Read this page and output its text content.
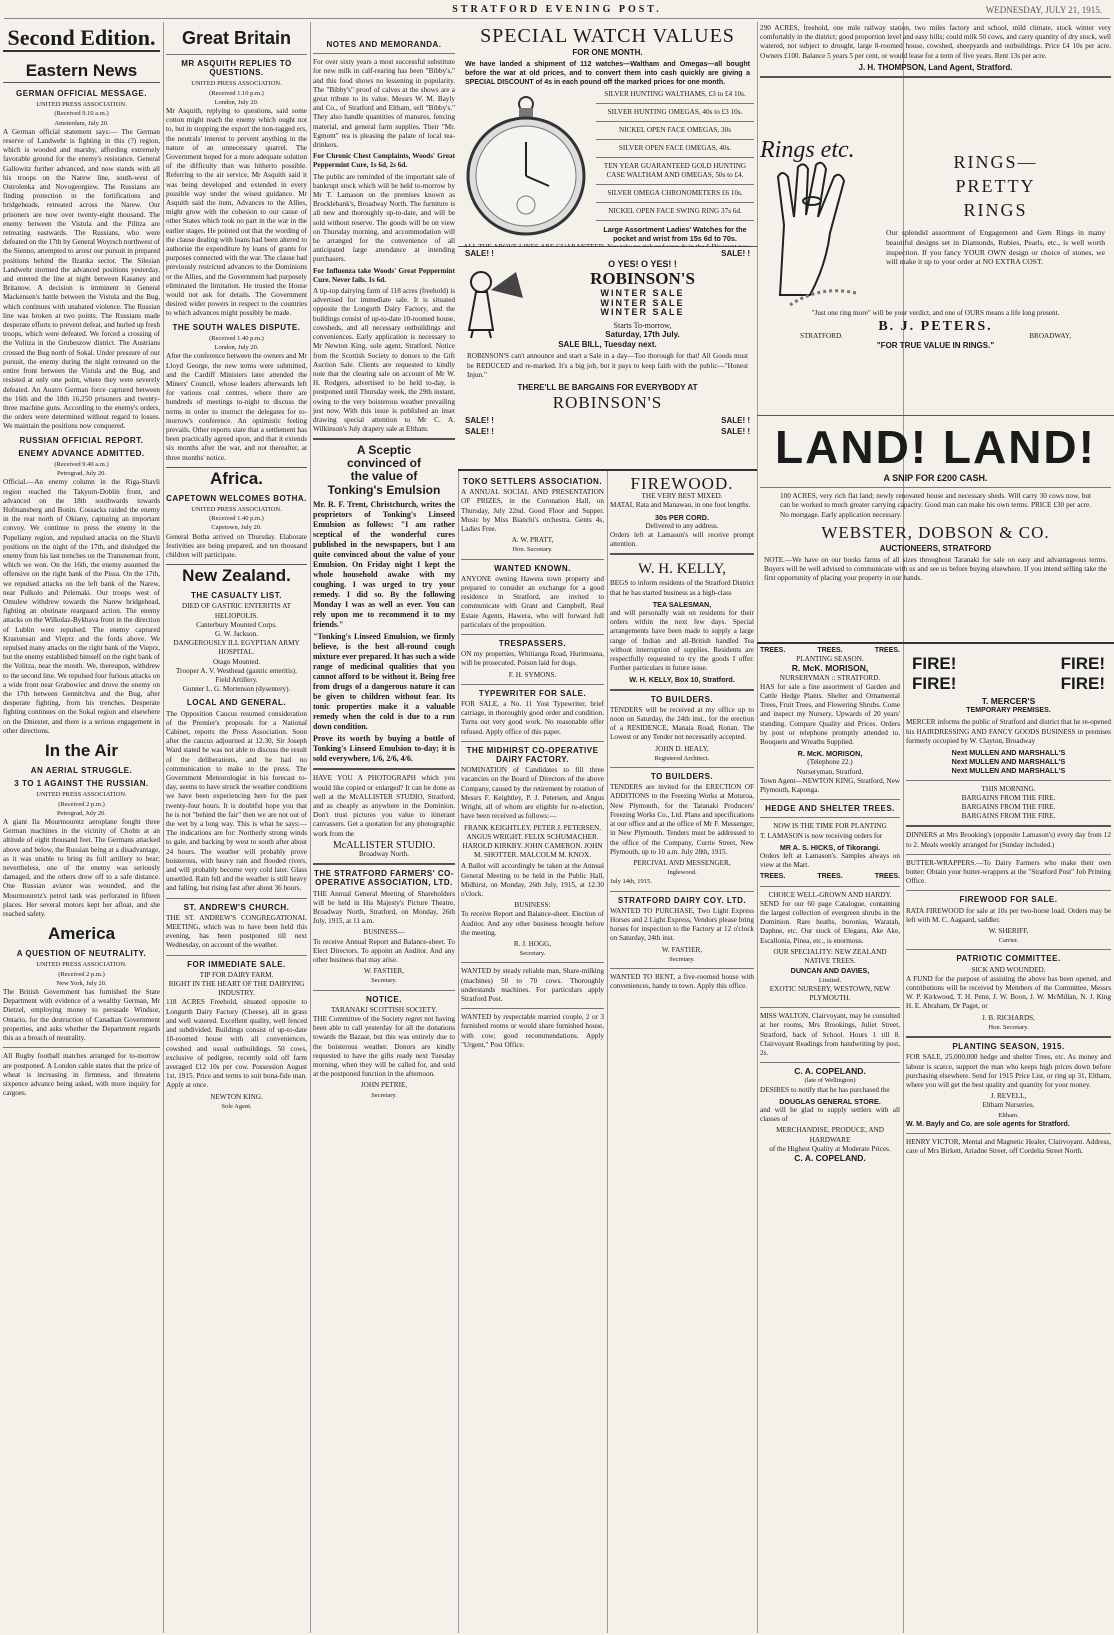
STRATFORD EVENING POST.	WEDNESDAY, JULY 21, 1915.
Second Edition.
Eastern News
GERMAN OFFICIAL MESSAGE.
UNITED PRESS ASSOCIATION.
(Received 9.10 a.m.)
Amsterdam, July 20.

A German official statement says:— The German reserve of Landwehr is fighting in this (?) region, which is wooded and marshy, affording extremely favorable ground for the enemy's resistance. General Gallowitz further advanced, and now stands with all his troops on the Narew line, south-west of Ostrolenka and Novogeorgiew. The Russians are finding protection in the fortifications and bridgeheads, retreated across the Narew. Our prisoners are now over twenty-eight thousand. The enemy between the Vistula and the Pilitza are retreating eastwards. The Russians, who were defeated on the 17th by General Woyrsch northwest of the Sienno, attempted to arrest our pursuit in prepared positions behind the Ilzanka sector. The Silesian Landwehr stormed the advanced positions yesterday, and entered the line at night between Kasaney and Britanow. A decision is imminent in General Mackensen's battle between the Vistula and the Bug, which continues with unabated violence. The Russian line was broken at two points. The Russians made desperate efforts to prevent defeat, and hurled up fresh troops, which were defeated. We forced a crossing of the Volitza in the Grubeszow district. The Austrians crossed the Bug north of Sokal. Under pressure of our pursuit, the enemy during the night retreated on the entire front between the Vistula and the Bug, and resisted at only one point, where they were severely defeated. An Austro German force captured between the 16th and the 18th 16,250 prisoners and twenty-three machine guns. According to the enemy's orders, the orders were determined without regard to losses. We maintain the positions now conquered.

RUSSIAN OFFICIAL REPORT.
ENEMY ADVANCE ADMITTED.
(Received 9.40 a.m.)
Petrograd, July 20.

Official.—An enemy column in the Riga-Shavli region reached the Takyurn-Doblin front, and advanced on the 18th southwards towards Hofmansberg and Bonin. Cossacks raided the enemy in the rear north of Okiany, capturing an important convoy. We continue to press the enemy in the Popeliany region, and repulsed attacks on the Shavli positions on the night of the 17th, and dislodged the enemy from his last trenches on the Transneman front, which we won. On the 16th, the enemy assumed the offensive on the right bank of the Pissa. On the 17th, we repulsed attacks on the left bank of the Narew, near Pulkolo and Pelemaki. Our troops west of Omulew withdrew towards the Narew bridgehead, fighting an obstinate rearguard action. The enemy attacks on the Wilkolaz-Bykhava front in the direction of Lublin were repulsed. The enemy captured Krastonsan and Vieprz and the fords above. We repulsed many attacks on the right bank of the Vieprz, but the enemy established himself on the right bank of the Volitza, near the mouth. We, thereupon, withdrew to the second line. We repulsed four furious attacks on a wide front near Grabowiec and drove the enemy on the 17th between Gennitchva and the Bug, after desperate fighting, from his trenches. Desperate fighting continues on the Sokal region and elsewhere on the Dniester, and there is a serious engagement in other directions.

In the Air
AN AERIAL STRUGGLE.
3 TO 1 AGAINST THE RUSSIAN.
UNITED PRESS ASSOCIATION.
(Received 2 p.m.)
Petrograd, July 20.

A giant Ila Mourmouretz aeroplane fought three German machines in the vicinity of Cholm at an altitude of eight thousand feet. The Germans attacked above and below, the Russian being at a disadvantage, as it was unable to bring its full artillery to bear; nevertheless, one of the enemy was seriously damaged, and the others drew off to a safe distance. One Russian aviator was wounded, and the Mourmouretz's petrol tank was perforated in fifteen places. Her several motors kept her afloat, and she reached safety.

America
A QUESTION OF NEUTRALITY.
UNITED PRESS ASSOCIATION.
(Received 2 p.m.)
New York, July 20.

The British Government has furnished the State Department with evidence of a wealthy German, Mr Dietzel, employing money to persuade Windsor, Ontario, for the destruction of Canadian Government properties, and asks whether the Department regards this as a breach of neutrality.

All Rugby football matches arranged for to-morrow are postponed. A London cable states that the price of wheat is increasing in firmness, and threatens sixpence advance being asked, with more inquiry for cargoes.

Great Britain
MR ASQUITH REPLIES TO QUESTIONS.
UNITED PRESS ASSOCIATION.
(Received 1.10 p.m.)
London, July 20.

Mr Asquith, replying to questions, said some cotton might reach the enemy which ought not to, but in stopping the export the non-ragged ers, the neutrals' interest to prevent anything in the nature of an unnecessary quarrel. The Government hoped for a more adequate solution of the difficulty than was hitherto possible. Referring to the air service, Mr Asquith said it was being developed and extended in every possible way under the wisest guidance. Mr Asquith said the item, Advances to the Allies, might grow with the cohesion to our cause of other States which took no part in the war in the earlier stages. He pointed out that the wording of the clause dealing with loans had been altered to authorise the expenditure by loans of grants for purposes connected with the war. The clause had previously restricted advances to the Dominions or the Allies, and the Government had purposely eliminated the limitation. He trusted the House would not ask for details. The Government desired wider powers in respect to the countries to which advances might possibly be made.

THE SOUTH WALES DISPUTE.
(Received 1.40 p.m.)
London, July 20.

After the conference between the owners and Mr Lloyd George, the new terms were submitted, and the Cardiff Ministers later attended the Miners' Council, whose leaders afterwards left for various coal centres, where there are hundreds of meetings to-night to discuss the terms in order to instruct the delegates for to-morrow's conference. An optimistic feeling prevails. Other reports state that a settlement has been practically agreed upon, and that it extends six months after the war, and not thereafter, at three months' notice.

Africa.
CAPETOWN WELCOMES BOTHA.
UNITED PRESS ASSOCIATION.
(Received 1.40 p.m.)
Capetown, July 20.

General Botha arrived on Thursday. Elaborate festivities are being prepared, and ten thousand children will participate.

New Zealand.
THE CASUALTY LIST.
DIED OF GASTRIC ENTERITIS AT HELIOPOLIS.
Canterbury Mounted Corps.
G. W. Jackson.
DANGEROUSLY ILL EGYPTIAN ARMY HOSPITAL.
Otago Mounted.
Trooper A. V. Westhead (gastric enteritis).
Field Artillery.
Gunner L. G. Mortenson (dysentery).
LOCAL AND GENERAL.

The Opposition Caucus resumed consideration of the Premier's proposals for a National Cabinet, reports the Press Association. Soon after the caucus adjourned at 12.30, Sir Joseph Ward stated he was not able to discuss the result of the deliberations, and he had no communication to make to the press. The Government Meteorologist in his forecast to-day, seems to have struck the weather conditions we have been experiencing here for the past twenty-four hours. It is doubtful hope you that he is not "behind the fair" then we are not out of the wet by a long way. This is what he says:—The indications are for: Northerly strong winds to gale, and backing by west to south after about 24 hours. The weather will probably prove boisterous, with heavy rain and flooded rivers, and will probably become very cold later. Glass unsettled. Rain fell and the weather is still heavy and falling, but rising fast after about 36 hours.

ST. ANDREW'S CHURCH.

THE ST. ANDREW'S CONGREGATIONAL MEETING, which was to have been held this evening, has been postponed till next Wednesday, on account of the weather.

FOR IMMEDIATE SALE.
TIP FOR DAIRY FARM.
RIGHT IN THE HEART OF THE DAIRYING INDUSTRY.

118 ACRES Freehold, situated opposite to Longurth Dairy Factory (Cheese), all in grass and well watered. Excellent quality, well fenced and subdivided. Buildings consist of up-to-date 10-roomed house with all conveniences, cowshed and usual outbuildings. 50 cows, exclusive of pedigree, recently sold off farm averaged £12 10s per cow. Possession August 1st, 1915. Price and terms to suit bona-fide man. Apply at once.

NEWTON KING.
Sole Agent.
NOTES AND MEMORANDA.

For over sixty years a most successful substitute for new milk in calf-rearing has been "Bibby's," and this food shows no lessening in popularity. The "Bibby's" proof of calves at the shows are a great tribute to its value. Messrs W. M. Bayly and Co., of Stratford and Eltham, sell "Bibby's." They also handle quantities of manures, fencing material, and general farm supplies. Their "Mr. Egmont" tea is pleasing the palate of local tea-drinkers.

For Chronic Chest Complaints, Woods' Great Peppermint Cure, 1s 6d, 2s 6d.

The public are reminded of the important sale of bankrupt stock which will be held to-morrow by Mr T. Lamason on the premises known as Brocklebank's, Broadway North. The furniture is all new and thoroughly up-to-date, and will be sold without reserve. The goods will be on view on Thursday morning, and accommodation will be arranged for the convenience of all anticipated large attendance at intending purchasers.

For Influenza take Woods' Great Peppermint Cure. Never fails. 1s 6d.

A tip-top dairying farm of 118 acres (freehold) is advertised for immediate sale. It is situated opposite the Longurth Dairy Factory, and the buildings consist of up-to-date 10-roomed house, cowsheds, and all necessary outbuildings and conveniences. Early application is necessary to Mr Newton King, sole agent, Stratford. Notice from the Scottish Society to donors to the Gift Auction Sale. Clients are requested to kindly note that the clearing sale on account of Mr W. H. Rodgers, advertised to be held to-day, is postponed until Thursday week, the 29th instant, owing to the very boisterous weather prevailing just now. With this issue is published an inset drawing special attention to Mr C. A. Wilkinson's July drapery sale at Eltham.

A Sceptic
convinced of
the value of
Tonking's Emulsion

Mr. R. F. Trent, Christchurch, writes the proprietors of Tonking's Linseed Emulsion as follows: "I am rather sceptical of the wonderful cures published in the newspapers, but I am quite convinced about the value of your Emulsion. On Friday night I kept the whole household awake with my coughing. I was urged to try your remedy. I did so. By the following Monday I was as well as ever. You can rely upon me to recommend it to my friends."

"Tonking's Linseed Emulsion, we firmly believe, is the best all-round cough mixture ever prepared. It has such a wide range of medicinal qualities that you cannot afford to be without it. Being free from drugs of a dangerous nature it can be given to children without fear. Its tonic properties make it a valuable remedy when the cold is due to a run down condition.

Prove its worth by buying a bottle of Tonking's Linseed Emulsion to-day; it is sold everywhere, 1/6, 2/6, 4/6.

HAVE YOU A PHOTOGRAPH which you would like copied or enlarged? It can be done as well at the McALLISTER STUDIO, Stratford, and as cheaply as anywhere in the Dominion. Don't trust pictures you value to itinerant canvassers. Get a quotation for any photographic work from the

McALLISTER STUDIO.
Broadway North.
THE STRATFORD FARMERS' CO-OPERATIVE ASSOCIATION, LTD.

THE Annual General Meeting of Shareholders will be held in His Majesty's Picture Theatre, Broadway North, Stratford, on Monday, 26th July, 1915, at 11 a.m.

BUSINESS—

To receive Annual Report and Balance-sheet. To Elect Directors. To appoint an Auditor. And any other business that may arise.

W. FASTIER,
Secretary.
NOTICE.
TARANAKI SCOTTISH SOCIETY.

THE Committee of the Society regret not having been able to call yesterday for all the donations towards the Bazaar, but this was entirely due to the boisterous weather. Donors are kindly requested to have the gifts ready next Tuesday morning, when they will be called for, and sold at the postponed function in the afternoon.

JOHN PETRIE,
Secretary.
SPECIAL WATCH VALUES
FOR ONE MONTH.

We have landed a shipment of 112 watches—Waltham and Omegas—all bought before the war at old prices, and to convert them into cash quickly are giving a SPECIAL DISCOUNT of 4s in each pound off the marked prices for one month.

SILVER HUNTING WALTHAMS, £3 to £4 10s.
SILVER HUNTING OMEGAS, 40s to £3 10s.
NICKEL OPEN FACE OMEGAS, 30s
SILVER OPEN FACE OMEGAS, 40s.
TEN YEAR GUARANTEED GOLD HUNTING CASE WALTHAM AND OMEGAS, 50s to £4.
SILVER OMEGA CHRONOMETERS £6 10s.
NICKEL OPEN FACE SWING RING 37s 6d.
Large Assortment Ladies' Watches for the pocket and wrist from 15s 6d to 70s.
SALE! !	SALE! !
O YES! O YES! !
ROBINSON'S
WINTER SALE
WINTER SALE
WINTER SALE
Starts To-morrow,
Saturday, 17th July.
SALE BILL, Tuesday next.

ROBINSON'S can't announce and start a Sale in a day—Too thorough for that! All Goods must be REDUCED and re-marked. It's a big job, but it pays to keep faith with the public—"Honest Injun."

THERE'LL BE BARGAINS FOR EVERYBODY AT
ROBINSON'S
SALE! !	SALE! !
SALE! !	SALE! !
TOKO SETTLERS ASSOCIATION.

A ANNUAL SOCIAL AND PRESENTATION OF PRIZES, in the Coronation Hall, on Thursday, July 22nd. Good Floor and Supper. Music by Miss Bianchi's orchestra. Gents 4s, Ladies Free.

A. W. PRATT,
Hon. Secretary.
WANTED KNOWN.

ANYONE owning Hawera town property and prepared to consider an exchange for a good residence in Stratford, are invited to communicate with Grant and Campbell, Real Estate Agents, Hawera, who will forward full particulars of the proposition.

TRESPASSERS.

ON my properties, Whitianga Road, Hurimoana, will be prosecuted. Poison laid for dogs.

F. H. SYMONS.
TYPEWRITER FOR SALE.

FOR SALE, a No. 11 Yost Typewriter, brief carriage, in thoroughly good order and condition. Turns out very good work. No reasonable offer refused. Apply office of this paper.

THE MIDHIRST CO-OPERATIVE DAIRY FACTORY.

NOMINATION of Candidates to fill three vacancies on the Board of Directors of the above Company, caused by the retirement by rotation of Messrs F. Keightley, P. J. Petersen, and Angus Wright, all of whom are eligible for re-election, have been received as follows:—

FRANK KEIGHTLEY. PETER J. PETERSEN. ANGUS WRIGHT. FELIX SCHUMACHER. HAROLD KIRKBY. JOHN CAMERON. JOHN M. SHOTTER. MALCOLM M. KNOX.

A Ballot will accordingly be taken at the Annual General Meeting to be held in the Public Hall, Midhirst, on Monday, 26th July, 1915, at 12.30 o'clock.

BUSINESS:

To receive Report and Balance-sheet. Election of Auditor. And any other business brought before the meeting.

R. J. HOGG,
Secretary.

WANTED by steady reliable man, Share-milking (machines) 50 to 70 cows. Thoroughly understands machines. For particulars apply Stratford Post.

WANTED by respectable married couple, 2 or 3 furnished rooms or would share furnished house, with cow; good recommendations. Apply "Urgent," Post Office.

FIREWOOD.
THE VERY BEST MIXED.

MATAI, Rata and Manawau, in one foot lengths.

30s PER CORD.
Delivered to any address.

Orders left at Lamason's will receive prompt attention.

W. H. KELLY,

BEGS to inform residents of the Stratford District that he has started business as a high-class

TEA SALESMAN,

and will personally wait on residents for their orders within the next few days. Special arrangements have been made to supply a large range of Indian and all-British handled Tea without interruption of supplies. Residents are respectfully requested to try the goods I offer. Further particulars in future issue.

W. H. KELLY, Box 10, Stratford.
TO BUILDERS.

TENDERS will be received at my office up to noon on Saturday, the 24th inst., for the erection of a RESIDENCE, Manaia Road, Ronan. The Lowest or any Tender not necessarily accepted.

JOHN D. HEALY,
Registered Architect.
TO BUILDERS.

TENDERS are invited for the ERECTION OF ADDITIONS to the Freezing Works at Moturoa, New Plymouth, for the Taranaki Producers' Freezing Works Co., Ltd. Plans and specifications at our office and at the office of Mr F. Messenger, in New Plymouth. Tenders must be addressed to the office of the Company, Currie Street, New Plymouth, up to 10 a.m. July 28th, 1915.

PERCIVAL AND MESSENGER,
Inglewood.
July 14th, 1915.
STRATFORD DAIRY COY. LTD.

WANTED TO PURCHASE, Two Light Express Horses and 2 Light Express, Vendors please bring horses for inspection to the Factory at 12 o'clock on Saturday, 24th inst.

W. FASTIER,
Secretary.

WANTED TO RENT, a five-roomed house with conveniences, handy to town. Apply this office.

290 ACRES, freehold, one mile railway station, two miles factory and school, mild climate, stock winter very comfortably in the district; good proportion level and easy hills; could milk 50 cows, and carry quantity of dry stock, well watered, not subject to drought, large 8-roomed house, cowshed, sheepyards and outbuildings. Price £4 10s per acre. Owners £100. Balance 5 years 5 per cent, or would lease for a term of five years. Rent 13s per acre.

J. H. THOMPSON, Land Agent, Stratford.
Rings etc.	RINGS—
PRETTY
RINGS

Our splendid assortment of Engagement and Gem Rings in many beautiful designs set in Diamonds, Rubies, Pearls, etc., is well worth inspection. If you fancy YOUR OWN design or choice of stones, we will make it up to your order at NO EXTRA COST.

"Just one ring more" will be your verdict, and one of OURS means a life long present.
B. J. PETERS.
STRATFORD.	BROADWAY,
"FOR TRUE VALUE IN RINGS."
LAND! LAND!
A SNIP FOR £200 CASH.

100 ACRES, very rich flat land; newly renovated house and necessary sheds. Will carry 30 cows now, but can be worked to much greater carrying capacity. Good man can make his own terms. PRICE £30 per acre. No mortgage. Early application necessary.

WEBSTER, DOBSON & CO.
AUCTIONEERS, STRATFORD

NOTE.—We have on our books farms of all sizes throughout Taranaki for sale on easy and advantageous terms. Buyers will be well advised to communicate with us and see us before buying elsewhere. If you intend selling take the first opportunity of placing your property in our hands.

TREES.	TREES.	TREES.
PLANTING SEASON.
R. McK. MORISON,
NURSERYMAN :: STRATFORD.

HAS for sale a fine assortment of Garden and Cattle Hedge Plants. Shelter and Ornamental Trees, Fruit Trees, and Flowering Shrubs. Come and inspect my Nursery, Upwards of 20 years' standing. Compare Quality and Prices. Orders by post or telephone promptly attended to. Bouquets and Wreaths Supplied.

R. McK. MORISON,
(Telephone 22.)
Nurseryman, Stratford.

Town Agent—NEWTON KING, Stratford, New Plymouth, Kaponga.

HEDGE AND SHELTER TREES.
NOW IS THE TIME FOR PLANTING

T. LAMASON is now receiving orders for

MR A. S. HICKS, of Tikorangi.

Orders left at Lamason's. Samples always on view at the Mart.

TREES.	TREES.	TREES.
CHOICE WELL-GROWN AND HARDY.

SEND for our 60 page Catalogue, containing the largest collection of evergreen shrubs in the Dominion. Rare heaths, boronias, Waratah, Daphne, etc. Our stock of Elegans, Ake Ake, Escallonia, Pinea, etc., is enormous.

OUR SPECIALITY: NEW ZEALAND NATIVE TREES.
DUNCAN AND DAVIES,
Limited.
EXOTIC NURSERY, WESTOWN, NEW PLYMOUTH.

MISS WALTON, Clairvoyant, may be consulted at her rooms, Mrs Brookings, Juliet Street, Stratford, back of School. Hours 1 till 8. Clairvoyant Readings from handwriting by post, 2s.

C. A. COPELAND.
(late of Wellington)

DESIRES to notify that he has purchased the

DOUGLAS GENERAL STORE.

and will be glad to supply settlers with all classes of

MERCHANDISE, PRODUCE, AND HARDWARE
of the Highest Quality at Moderate Prices.
C. A. COPELAND.
FIRE!	FIRE!
FIRE!	FIRE!
T. MERCER'S
TEMPORARY PREMISES.

MERCER informs the public of Stratford and district that he re-opened his HAIRDRESSING AND FANCY GOODS BUSINESS in premises formerly occupied by W. Clayton, Broadway

Next MULLEN AND MARSHALL'S
Next MULLEN AND MARSHALL'S
Next MULLEN AND MARSHALL'S
THIS MORNING.
BARGAINS FROM THE FIRE.
BARGAINS FROM THE FIRE.
BARGAINS FROM THE FIRE.

DINNERS at Mrs Brooking's (opposite Lamason's) every day from 12 to 2. Meals weekly arranged for (Sunday included.)

BUTTER-WRAPPERS.—To Dairy Farmers who make their own butter: Obtain your butter-wrappers at the "Stratford Post" Job Printing Office.

FIREWOOD FOR SALE.

RATA FIREWOOD for sale at 10s per two-horse load. Orders may be left with M. C. Aagaard, saddler.

W. SHERIFF,
Carrier.
PATRIOTIC COMMITTEE.
SICK AND WOUNDED.

A FUND for the purpose of assisting the above has been opened, and contributions will be received by Members of the Committee, Messrs W. P. Kirkwood, T. H. Penn, J. W. Boon, J. W. McMillan, N. J. King H. E. Abraham, Dr Paget, or

J. B. RICHARDS,
Hon. Secretary.
PLANTING SEASON, 1915.

FOR SALE, 25,000,000 hedge and shelter Trees, etc. As money and labour is scarce, support the man who keeps high prices down before purchasing elsewhere. Send for 1915 Price List, or ring up 31, Eltham, where you will get the best quality and quantity for your money.

J. REVELL,
Eltham Nurseries,
Eltham.

W. M. Bayly and Co. are sole agents for Stratford.

HENRY VICTOR, Mental and Magnetic Healer, Clairvoyant. Address, care of Mrs Birkett, Ariadne Street, off Cordelia Street North.
